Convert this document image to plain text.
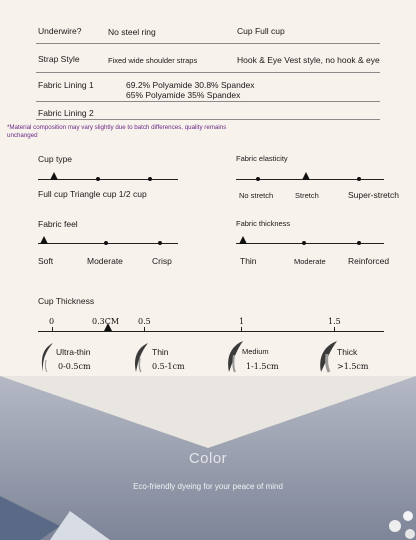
Underwire?	No steel ring	Cup Full cup
Strap Style	Fixed wide shoulder straps	Hook & Eye Vest style, no hook & eye
Fabric Lining 1	69.2% Polyamide 30.8% Spandex
65% Polyamide 35% Spandex
Fabric Lining 2
*Material composition may vary slightly due to batch differences, quality remains unchanged
Cup type
Full cup Triangle cup 1/2 cup
Fabric elasticity
No stretch	Stretch	Super-stretch
Fabric feel
Soft	Moderate	Crisp
Fabric thickness
Thin	Moderate	Reinforced
Cup Thickness
0	0.3CM 0.5	1	1.5
Ultra-thin
0-0.5cm
Thin
0.5-1cm
Medium
1-1.5cm
Thick
>1.5cm
Color
Eco-friendly dyeing for your peace of mind
